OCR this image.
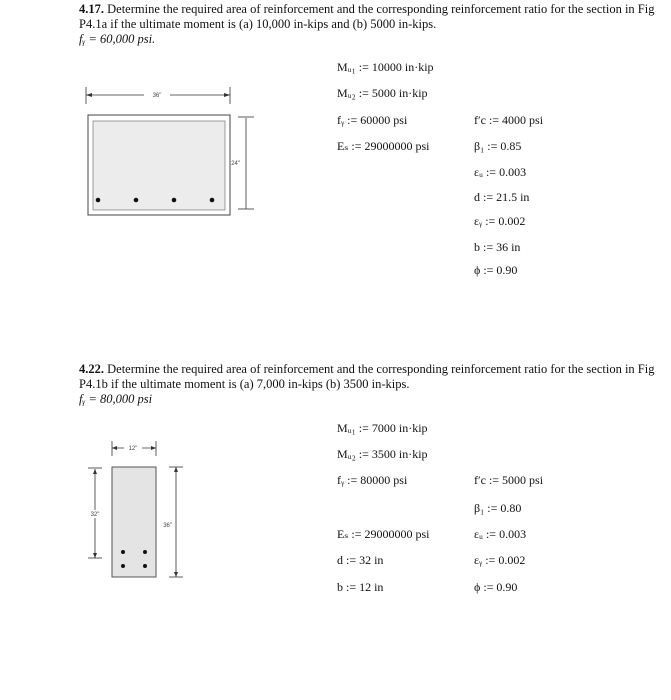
4.17. Determine the required area of reinforcement and the corresponding reinforcement ratio for the section in Fig P4.1a if the ultimate moment is (a) 10,000 in-kips and (b) 5000 in-kips.

fᵧ = 60,000 psi.

36"
24"
Mᵤ₁ := 10000 in·kip
Mᵤ₂ := 5000 in·kip
fᵧ := 60000 psi
Eₛ := 29000000 psi
f′c := 4000 psi
β₁ := 0.85
εᵤ := 0.003
d := 21.5 in
εᵧ := 0.002
b := 36 in
ϕ := 0.90

4.22. Determine the required area of reinforcement and the corresponding reinforcement ratio for the section in Fig P4.1b if the ultimate moment is (a) 7,000 in-kips (b) 3500 in-kips.

fᵧ = 80,000 psi

12"
32"
36"
Mᵤ₁ := 7000 in·kip
Mᵤ₂ := 3500 in·kip
fᵧ := 80000 psi
Eₛ := 29000000 psi
d := 32 in
b := 12 in
f′c := 5000 psi
β₁ := 0.80
εᵤ := 0.003
εᵧ := 0.002
ϕ := 0.90
